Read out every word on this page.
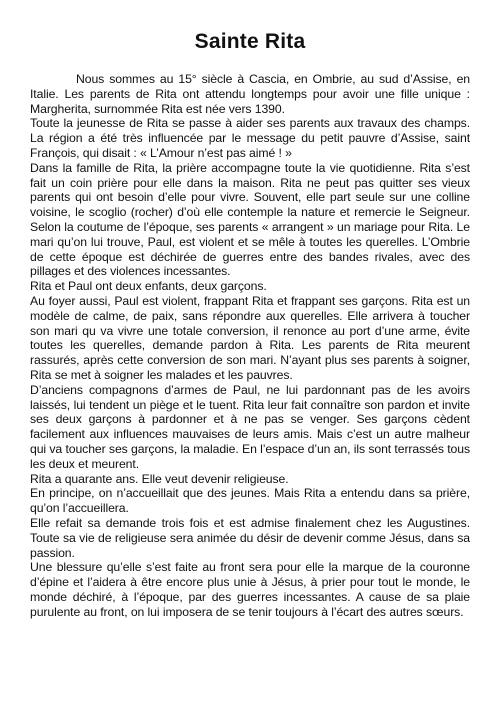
Sainte Rita

Nous sommes au 15° siècle à Cascia, en Ombrie, au sud d’Assise, en Italie. Les parents de Rita ont attendu longtemps pour avoir une fille unique : Margherita, surnommée Rita est née vers 1390.

Toute la jeunesse de Rita se passe à aider ses parents aux travaux des champs. La région a été très influencée par le message du petit pauvre d’Assise, saint François, qui disait : « L’Amour n’est pas aimé ! »

Dans la famille de Rita, la prière accompagne toute la vie quotidienne. Rita s’est fait un coin prière pour elle dans la maison. Rita ne peut pas quitter ses vieux parents qui ont besoin d’elle pour vivre. Souvent, elle part seule sur une colline voisine, le scoglio (rocher) d’où elle contemple la nature et remercie le Seigneur. Selon la coutume de l’époque, ses parents « arrangent » un mariage pour Rita. Le mari qu’on lui trouve, Paul, est violent et se mêle à toutes les querelles. L’Ombrie de cette époque est déchirée de guerres entre des bandes rivales, avec des pillages et des violences incessantes.

Rita et Paul ont deux enfants, deux garçons.

Au foyer aussi, Paul est violent, frappant Rita et frappant ses garçons. Rita est un modèle de calme, de paix, sans répondre aux querelles. Elle arrivera à toucher son mari qu va vivre une totale conversion, il renonce au port d’une arme, évite toutes les querelles, demande pardon à Rita. Les parents de Rita meurent rassurés, après cette conversion de son mari. N’ayant plus ses parents à soigner, Rita se met à soigner les malades et les pauvres.

D’anciens compagnons d’armes de Paul, ne lui pardonnant pas de les avoirs laissés, lui tendent un piège et le tuent. Rita leur fait connaître son pardon et invite ses deux garçons à pardonner et à ne pas se venger. Ses garçons cèdent facilement aux influences mauvaises de leurs amis. Mais c’est un autre malheur qui va toucher ses garçons, la maladie. En l’espace d’un an, ils sont terrassés tous les deux et meurent.

Rita a quarante ans. Elle veut devenir religieuse.

En principe, on n’accueillait que des jeunes. Mais Rita a entendu dans sa prière, qu’on l’accueillera.

Elle refait sa demande trois fois et est admise finalement chez les Augustines. Toute sa vie de religieuse sera animée du désir de devenir comme Jésus, dans sa passion.

Une blessure qu’elle s’est faite au front sera pour elle la marque de la couronne d’épine et l’aidera à être encore plus unie à Jésus, à prier pour tout le monde, le monde déchiré, à l’époque, par des guerres incessantes. A cause de sa plaie purulente au front, on lui imposera de se tenir toujours à l’écart des autres sœurs.
